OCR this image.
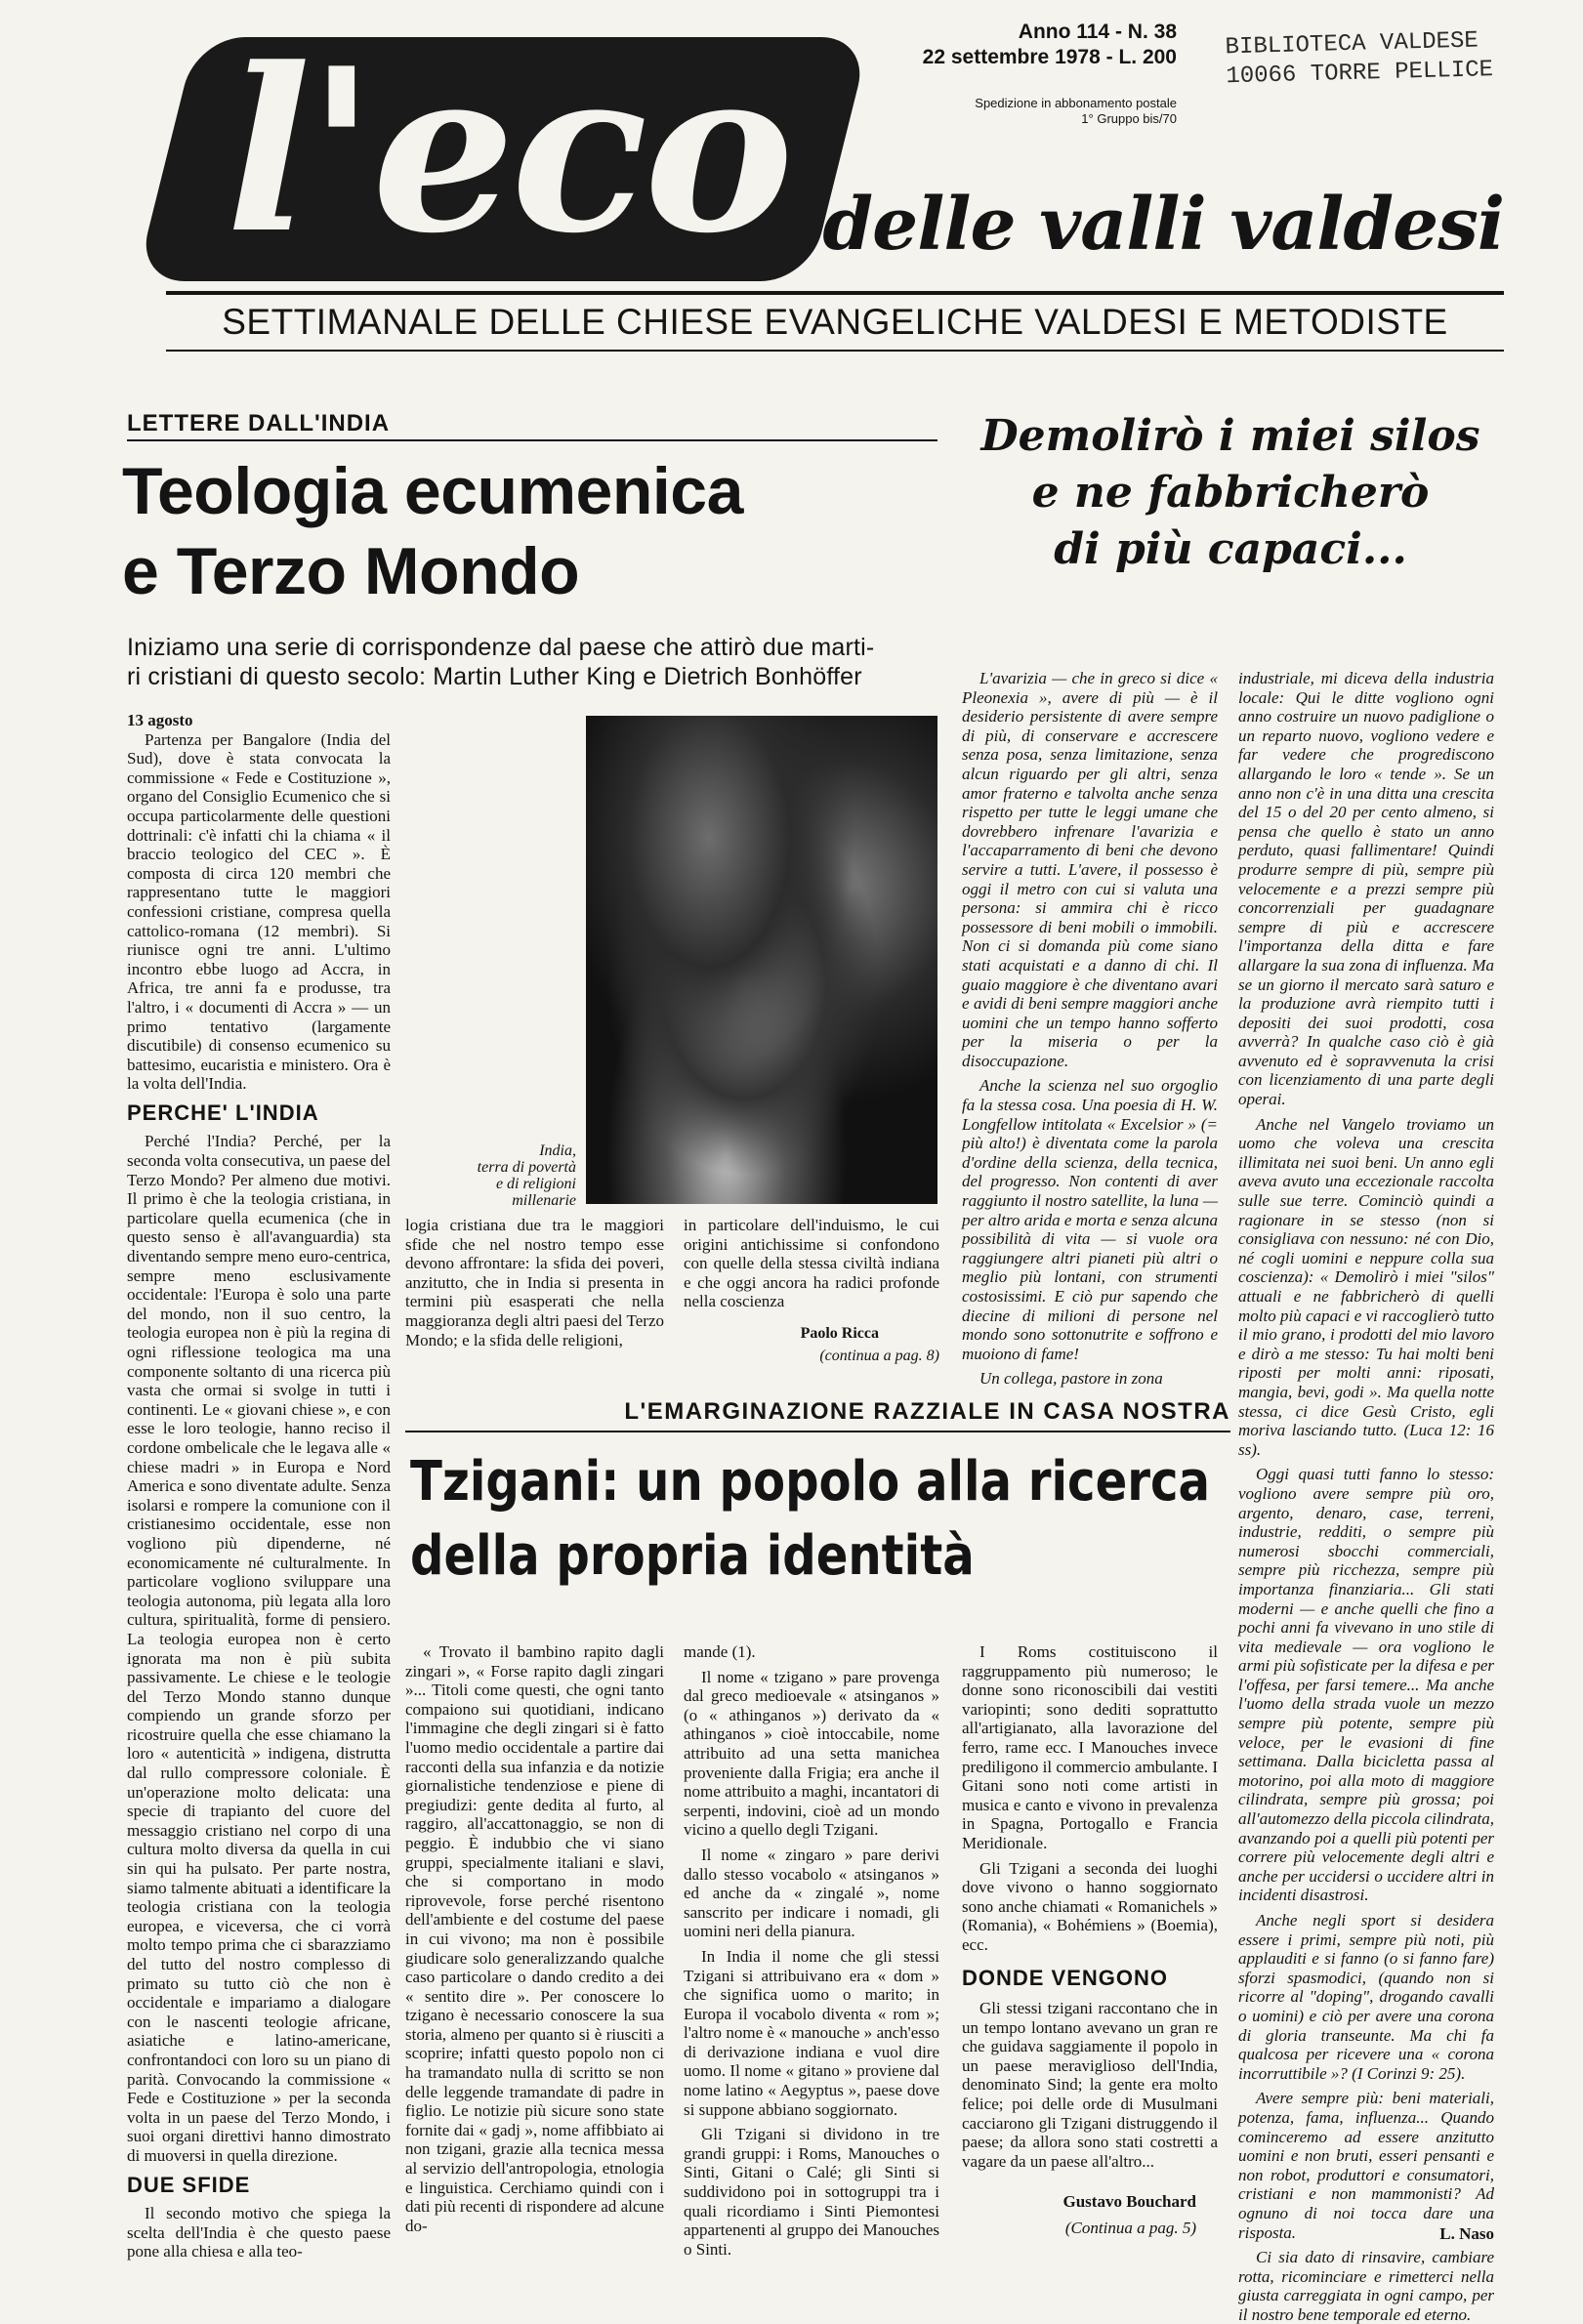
l'eco	Anno 114 - N. 38
22 settembre 1978 - L. 200
Spedizione in abbonamento postale
1° Gruppo bis/70
BIBLIOTECA VALDESE
10066 TORRE PELLICE
delle valli valdesi
SETTIMANALE DELLE CHIESE EVANGELICHE VALDESI E METODISTE
LETTERE DALL'INDIA
Teologia ecumenica
e Terzo Mondo
Iniziamo una serie di corrispondenze dal paese che attirò due marti-
ri cristiani di questo secolo: Martin Luther King e Dietrich Bonhöffer
13 agosto

Partenza per Bangalore (India del Sud), dove è stata convocata la commissione « Fede e Costituzione », organo del Consiglio Ecumenico che si occupa particolarmente delle questioni dottrinali: c'è infatti chi la chiama « il braccio teologico del CEC ». È composta di circa 120 membri che rappresentano tutte le maggiori confessioni cristiane, compresa quella cattolico-romana (12 membri). Si riunisce ogni tre anni. L'ultimo incontro ebbe luogo ad Accra, in Africa, tre anni fa e produsse, tra l'altro, i « documenti di Accra » — un primo tentativo (largamente discutibile) di consenso ecumenico su battesimo, eucaristia e ministero. Ora è la volta dell'India.

PERCHE' L'INDIA

Perché l'India? Perché, per la seconda volta consecutiva, un paese del Terzo Mondo? Per almeno due motivi. Il primo è che la teologia cristiana, in particolare quella ecumenica (che in questo senso è all'avanguardia) sta diventando sempre meno euro-centrica, sempre meno esclusivamente occidentale: l'Europa è solo una parte del mondo, non il suo centro, la teologia europea non è più la regina di ogni riflessione teologica ma una componente soltanto di una ricerca più vasta che ormai si svolge in tutti i continenti. Le « giovani chiese », e con esse le loro teologie, hanno reciso il cordone ombelicale che le legava alle « chiese madri » in Europa e Nord America e sono diventate adulte. Senza isolarsi e rompere la comunione con il cristianesimo occidentale, esse non vogliono più dipenderne, né economicamente né culturalmente. In particolare vogliono sviluppare una teologia autonoma, più legata alla loro cultura, spiritualità, forme di pensiero. La teologia europea non è certo ignorata ma non è più subita passivamente. Le chiese e le teologie del Terzo Mondo stanno dunque compiendo un grande sforzo per ricostruire quella che esse chiamano la loro « autenticità » indigena, distrutta dal rullo compressore coloniale. È un'operazione molto delicata: una specie di trapianto del cuore del messaggio cristiano nel corpo di una cultura molto diversa da quella in cui sin qui ha pulsato. Per parte nostra, siamo talmente abituati a identificare la teologia cristiana con la teologia europea, e viceversa, che ci vorrà molto tempo prima che ci sbarazziamo del tutto del nostro complesso di primato su tutto ciò che non è occidentale e impariamo a dialogare con le nascenti teologie africane, asiatiche e latino-americane, confrontandoci con loro su un piano di parità. Convocando la commissione « Fede e Costituzione » per la seconda volta in un paese del Terzo Mondo, i suoi organi direttivi hanno dimostrato di muoversi in quella direzione.

DUE SFIDE

Il secondo motivo che spiega la scelta dell'India è che questo paese pone alla chiesa e alla teo-

India,
terra di povertà
e di religioni
millenarie

logia cristiana due tra le maggiori sfide che nel nostro tempo esse devono affrontare: la sfida dei poveri, anzitutto, che in India si presenta in termini più esasperati che nella maggioranza degli altri paesi del Terzo Mondo; e la sfida delle religioni,

in particolare dell'induismo, le cui origini antichissime si confondono con quelle della stessa civiltà indiana e che oggi ancora ha radici profonde nella coscienza

Paolo Ricca
(continua a pag. 8)
Demolirò i miei silos
e ne fabbricherò
di più capaci...

L'avarizia — che in greco si dice « Pleonexia », avere di più — è il desiderio persistente di avere sempre di più, di conservare e accrescere senza posa, senza limitazione, senza alcun riguardo per gli altri, senza amor fraterno e talvolta anche senza rispetto per tutte le leggi umane che dovrebbero infrenare l'avarizia e l'accaparramento di beni che devono servire a tutti. L'avere, il possesso è oggi il metro con cui si valuta una persona: si ammira chi è ricco possessore di beni mobili o immobili. Non ci si domanda più come siano stati acquistati e a danno di chi. Il guaio maggiore è che diventano avari e avidi di beni sempre maggiori anche uomini che un tempo hanno sofferto per la miseria o per la disoccupazione.

Anche la scienza nel suo orgoglio fa la stessa cosa. Una poesia di H. W. Longfellow intitolata « Excelsior » (= più alto!) è diventata come la parola d'ordine della scienza, della tecnica, del progresso. Non contenti di aver raggiunto il nostro satellite, la luna — per altro arida e morta e senza alcuna possibilità di vita — si vuole ora raggiungere altri pianeti più altri o meglio più lontani, con strumenti costosissimi. E ciò pur sapendo che diecine di milioni di persone nel mondo sono sottonutrite e soffrono e muoiono di fame!

Un collega, pastore in zona

industriale, mi diceva della industria locale: Qui le ditte vogliono ogni anno costruire un nuovo padiglione o un reparto nuovo, vogliono vedere e far vedere che progrediscono allargando le loro « tende ». Se un anno non c'è in una ditta una crescita del 15 o del 20 per cento almeno, si pensa che quello è stato un anno perduto, quasi fallimentare! Quindi produrre sempre di più, sempre più velocemente e a prezzi sempre più concorrenziali per guadagnare sempre di più e accrescere l'importanza della ditta e fare allargare la sua zona di influenza. Ma se un giorno il mercato sarà saturo e la produzione avrà riempito tutti i depositi dei suoi prodotti, cosa avverrà? In qualche caso ciò è già avvenuto ed è sopravvenuta la crisi con licenziamento di una parte degli operai.

Anche nel Vangelo troviamo un uomo che voleva una crescita illimitata nei suoi beni. Un anno egli aveva avuto una eccezionale raccolta sulle sue terre. Cominciò quindi a ragionare in se stesso (non si consigliava con nessuno: né con Dio, né cogli uomini e neppure colla sua coscienza): « Demolirò i miei "silos" attuali e ne fabbricherò di quelli molto più capaci e vi raccoglierò tutto il mio grano, i prodotti del mio lavoro e dirò a me stesso: Tu hai molti beni riposti per molti anni: riposati, mangia, bevi, godi ». Ma quella notte stessa, ci dice Gesù Cristo, egli moriva lasciando tutto. (Luca 12: 16 ss).

Oggi quasi tutti fanno lo stesso: vogliono avere sempre più oro, argento, denaro, case, terreni, industrie, redditi, o sempre più numerosi sbocchi commerciali, sempre più ricchezza, sempre più importanza finanziaria... Gli stati moderni — e anche quelli che fino a pochi anni fa vivevano in uno stile di vita medievale — ora vogliono le armi più sofisticate per la difesa e per l'offesa, per farsi temere... Ma anche l'uomo della strada vuole un mezzo sempre più potente, sempre più veloce, per le evasioni di fine settimana. Dalla bicicletta passa al motorino, poi alla moto di maggiore cilindrata, sempre più grossa; poi all'automezzo della piccola cilindrata, avanzando poi a quelli più potenti per correre più velocemente degli altri e anche per uccidersi o uccidere altri in incidenti disastrosi.

Anche negli sport si desidera essere i primi, sempre più noti, più applauditi e si fanno (o si fanno fare) sforzi spasmodici, (quando non si ricorre al "doping", drogando cavalli o uomini) e ciò per avere una corona di gloria transeunte. Ma chi fa qualcosa per ricevere una « corona incorruttibile »? (I Corinzi 9: 25).

Avere sempre più: beni materiali, potenza, fama, influenza... Quando cominceremo ad essere anzitutto uomini e non bruti, esseri pensanti e non robot, produttori e consumatori, cristiani e non mammonisti? Ad ognuno di noi tocca dare una risposta.

Ci sia dato di rinsavire, cambiare rotta, ricominciare e rimetterci nella giusta carreggiata in ogni campo, per il nostro bene temporale ed eterno.

L. Naso
L'EMARGINAZIONE RAZZIALE IN CASA NOSTRA
Tzigani: un popolo alla ricerca
della propria identità

« Trovato il bambino rapito dagli zingari », « Forse rapito dagli zingari »... Titoli come questi, che ogni tanto compaiono sui quotidiani, indicano l'immagine che degli zingari si è fatto l'uomo medio occidentale a partire dai racconti della sua infanzia e da notizie giornalistiche tendenziose e piene di pregiudizi: gente dedita al furto, al raggiro, all'accattonaggio, se non di peggio. È indubbio che vi siano gruppi, specialmente italiani e slavi, che si comportano in modo riprovevole, forse perché risentono dell'ambiente e del costume del paese in cui vivono; ma non è possibile giudicare solo generalizzando qualche caso particolare o dando credito a dei « sentito dire ». Per conoscere lo tzigano è necessario conoscere la sua storia, almeno per quanto si è riusciti a scoprire; infatti questo popolo non ci ha tramandato nulla di scritto se non delle leggende tramandate di padre in figlio. Le notizie più sicure sono state fornite dai « gadj », nome affibbiato ai non tzigani, grazie alla tecnica messa al servizio dell'antropologia, etnologia e linguistica. Cerchiamo quindi con i dati più recenti di rispondere ad alcune do-

mande (1).

Il nome « tzigano » pare provenga dal greco medioevale « atsinganos » (o « athinganos ») derivato da « athinganos » cioè intoccabile, nome attribuito ad una setta manichea proveniente dalla Frigia; era anche il nome attribuito a maghi, incantatori di serpenti, indovini, cioè ad un mondo vicino a quello degli Tzigani.

Il nome « zingaro » pare derivi dallo stesso vocabolo « atsinganos » ed anche da « zingalé », nome sanscrito per indicare i nomadi, gli uomini neri della pianura.

In India il nome che gli stessi Tzigani si attribuivano era « dom » che significa uomo o marito; in Europa il vocabolo diventa « rom »; l'altro nome è « manouche » anch'esso di derivazione indiana e vuol dire uomo. Il nome « gitano » proviene dal nome latino « Aegyptus », paese dove si suppone abbiano soggiornato.

Gli Tzigani si dividono in tre grandi gruppi: i Roms, Manouches o Sinti, Gitani o Calé; gli Sinti si suddividono poi in sottogruppi tra i quali ricordiamo i Sinti Piemontesi appartenenti al gruppo dei Manouches o Sinti.

I Roms costituiscono il raggruppamento più numeroso; le donne sono riconoscibili dai vestiti variopinti; sono dediti soprattutto all'artigianato, alla lavorazione del ferro, rame ecc. I Manouches invece prediligono il commercio ambulante. I Gitani sono noti come artisti in musica e canto e vivono in prevalenza in Spagna, Portogallo e Francia Meridionale.

Gli Tzigani a seconda dei luoghi dove vivono o hanno soggiornato sono anche chiamati « Romanichels » (Romania), « Bohémiens » (Boemia), ecc.

DONDE VENGONO

Gli stessi tzigani raccontano che in un tempo lontano avevano un gran re che guidava saggiamente il popolo in un paese meraviglioso dell'India, denominato Sind; la gente era molto felice; poi delle orde di Musulmani cacciarono gli Tzigani distruggendo il paese; da allora sono stati costretti a vagare da un paese all'altro...

Gustavo Bouchard
(Continua a pag. 5)
